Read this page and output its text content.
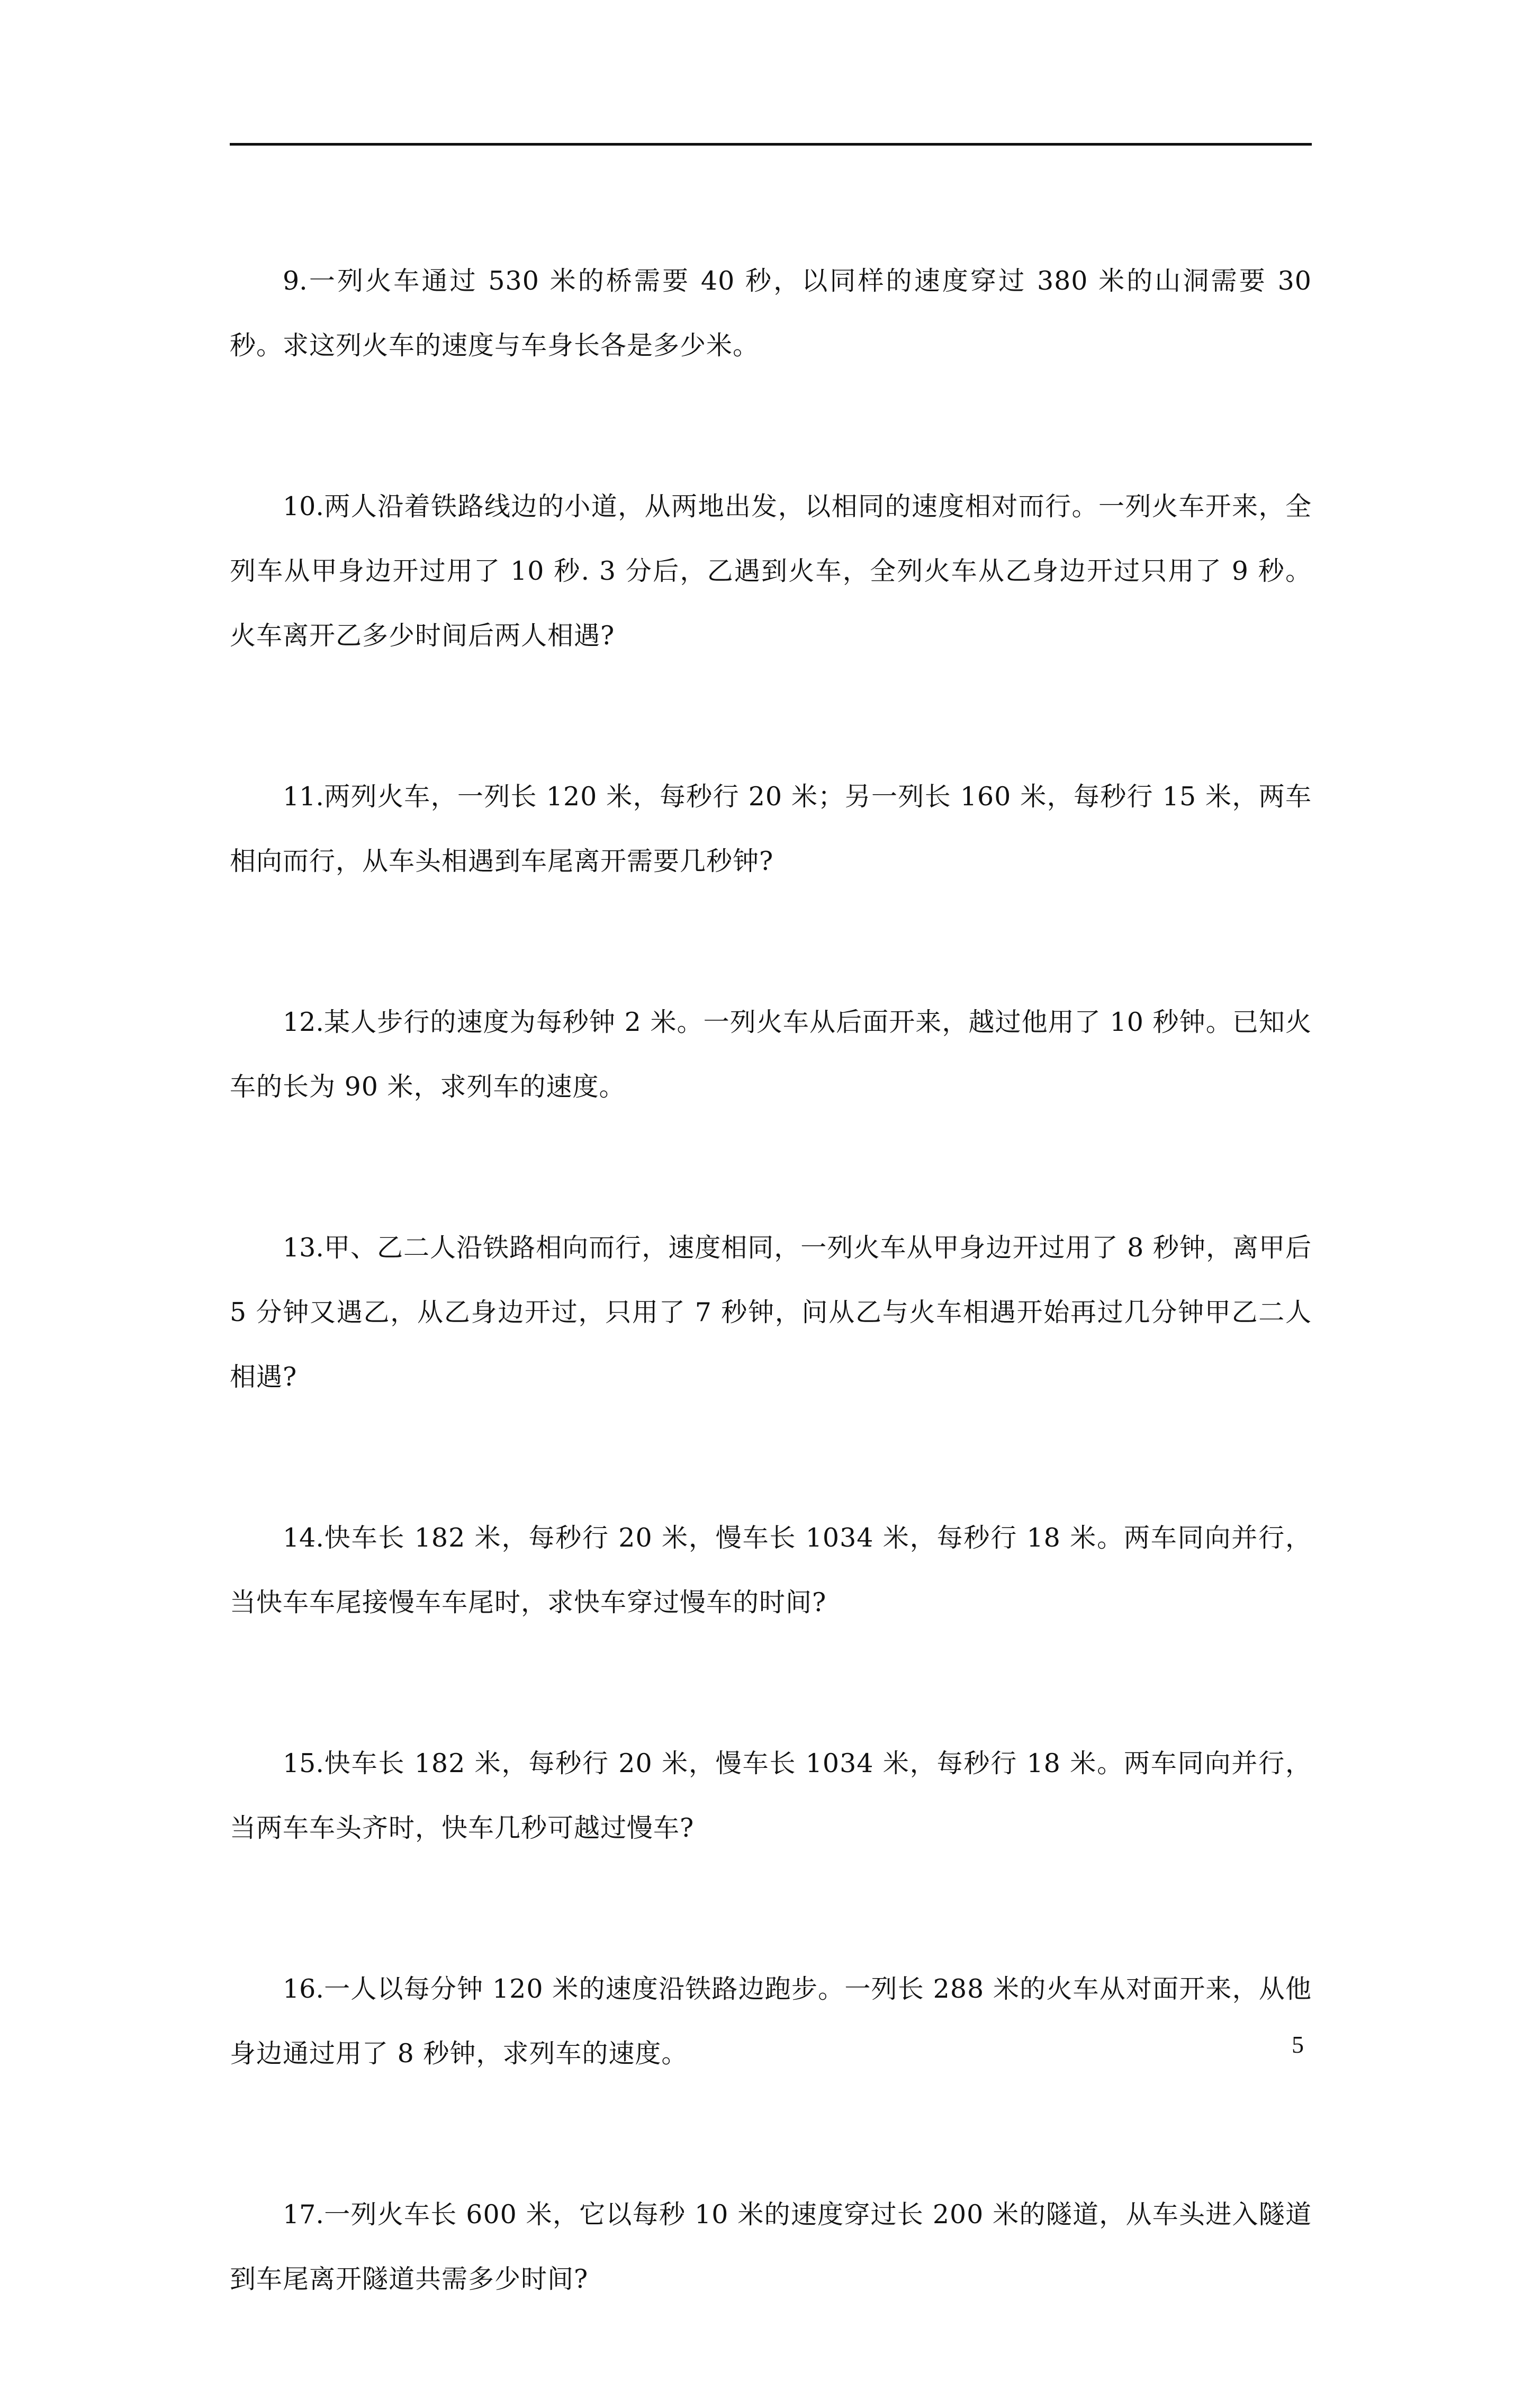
9.一列火车通过 530 米的桥需要 40 秒，以同样的速度穿过 380 米的山洞需要 30 秒。求这列火车的速度与车身长各是多少米。

10.两人沿着铁路线边的小道，从两地出发，以相同的速度相对而行。一列火车开来，全列车从甲身边开过用了 10 秒. 3 分后，乙遇到火车，全列火车从乙身边开过只用了 9 秒。火车离开乙多少时间后两人相遇?

11.两列火车，一列长 120 米，每秒行 20 米；另一列长 160 米，每秒行 15 米，两车相向而行，从车头相遇到车尾离开需要几秒钟?

12.某人步行的速度为每秒钟 2 米。一列火车从后面开来，越过他用了 10 秒钟。已知火车的长为 90 米，求列车的速度。

13.甲、乙二人沿铁路相向而行，速度相同，一列火车从甲身边开过用了 8 秒钟，离甲后 5 分钟又遇乙，从乙身边开过，只用了 7 秒钟，问从乙与火车相遇开始再过几分钟甲乙二人相遇?

14.快车长 182 米，每秒行 20 米，慢车长 1034 米，每秒行 18 米。两车同向并行，当快车车尾接慢车车尾时，求快车穿过慢车的时间?

15.快车长 182 米，每秒行 20 米，慢车长 1034 米，每秒行 18 米。两车同向并行，当两车车头齐时，快车几秒可越过慢车?

16.一人以每分钟 120 米的速度沿铁路边跑步。一列长 288 米的火车从对面开来，从他身边通过用了 8 秒钟，求列车的速度。

17.一列火车长 600 米，它以每秒 10 米的速度穿过长 200 米的隧道，从车头进入隧道到车尾离开隧道共需多少时间?

5
